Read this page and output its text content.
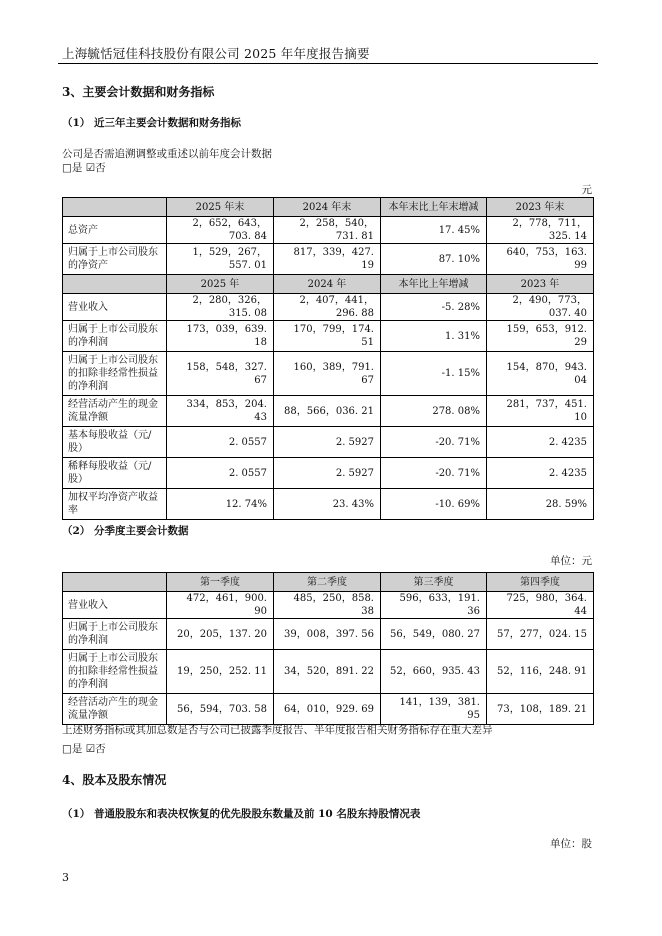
上海毓恬冠佳科技股份有限公司 2025 年年度报告摘要
3、主要会计数据和财务指标
（1） 近三年主要会计数据和财务指标
公司是否需追溯调整或重述以前年度会计数据
□是 ☑否
元
	2025 年末	2024 年末	本年末比上年末增减	2023 年末
总资产	2，652，643，703. 84	2，258，540，731. 81	17. 45%	2，778，711，325. 14
归属于上市公司股东的净资产	1，529，267，557. 01	817，339，427. 19	87. 10%	640，753，163. 99
	2025 年	2024 年	本年比上年增减	2023 年
营业收入	2，280，326，315. 08	2，407，441，296. 88	-5. 28%	2，490，773，037. 40
归属于上市公司股东的净利润	173，039，639. 18	170，799，174. 51	1. 31%	159，653，912. 29
归属于上市公司股东的扣除非经常性损益的净利润	158，548，327. 67	160，389，791. 67	-1. 15%	154，870，943. 04
经营活动产生的现金流量净额	334，853，204. 43	88，566，036. 21	278. 08%	281，737，451. 10
基本每股收益（元/股）	2. 0557	2. 5927	-20. 71%	2. 4235
稀释每股收益（元/股）	2. 0557	2. 5927	-20. 71%	2. 4235
加权平均净资产收益率	12. 74%	23. 43%	-10. 69%	28. 59%
（2） 分季度主要会计数据
单位：元
	第一季度	第二季度	第三季度	第四季度
营业收入	472，461，900. 90	485，250，858. 38	596，633，191. 36	725，980，364. 44
归属于上市公司股东的净利润	20，205，137. 20	39，008，397. 56	56，549，080. 27	57，277，024. 15
归属于上市公司股东的扣除非经常性损益的净利润	19，250，252. 11	34，520，891. 22	52，660，935. 43	52，116，248. 91
经营活动产生的现金流量净额	56，594，703. 58	64，010，929. 69	141，139，381. 95	73，108，189. 21
上述财务指标或其加总数是否与公司已披露季度报告、半年度报告相关财务指标存在重大差异
□是 ☑否
4、股本及股东情况
（1） 普通股股东和表决权恢复的优先股股东数量及前 10 名股东持股情况表
单位：股
3
